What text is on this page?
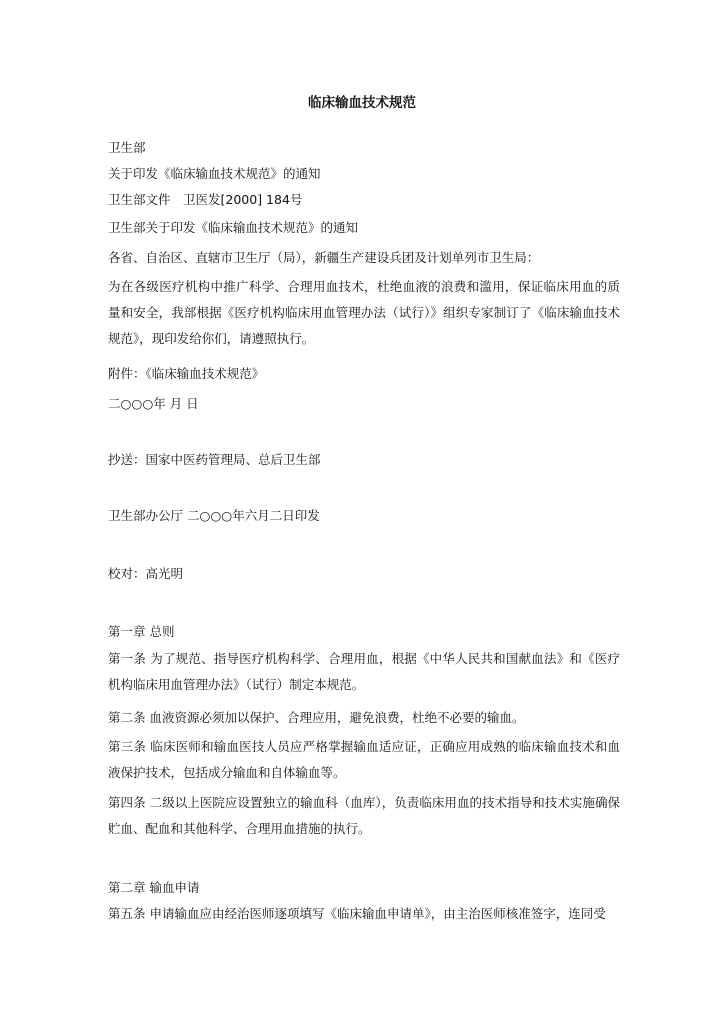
临床输血技术规范
卫生部
关于印发《临床输血技术规范》的通知
卫生部文件　卫医发[2000] 184号
卫生部关于印发《临床输血技术规范》的通知
各省、自治区、直辖市卫生厅（局），新疆生产建设兵团及计划单列市卫生局：
为在各级医疗机构中推广科学、合理用血技术，杜绝血液的浪费和滥用，保证临床用血的质量和安全，我部根据《医疗机构临床用血管理办法（试行）》组织专家制订了《临床输血技术规范》，现印发给你们，请遵照执行。
附件：《临床输血技术规范》
二○○○年 月 日
抄送：国家中医药管理局、总后卫生部
卫生部办公厅 二○○○年六月二日印发
校对：高光明
第一章 总则
第一条 为了规范、指导医疗机构科学、合理用血，根据《中华人民共和国献血法》和《医疗机构临床用血管理办法》（试行）制定本规范。
第二条 血液资源必须加以保护、合理应用，避免浪费，杜绝不必要的输血。
第三条 临床医师和输血医技人员应严格掌握输血适应证，正确应用成熟的临床输血技术和血液保护技术，包括成分输血和自体输血等。
第四条 二级以上医院应设置独立的输血科（血库），负责临床用血的技术指导和技术实施确保贮血、配血和其他科学、合理用血措施的执行。
第二章 输血申请
第五条 申请输血应由经治医师逐项填写《临床输血申请单》，由主治医师核准签字，连同受
